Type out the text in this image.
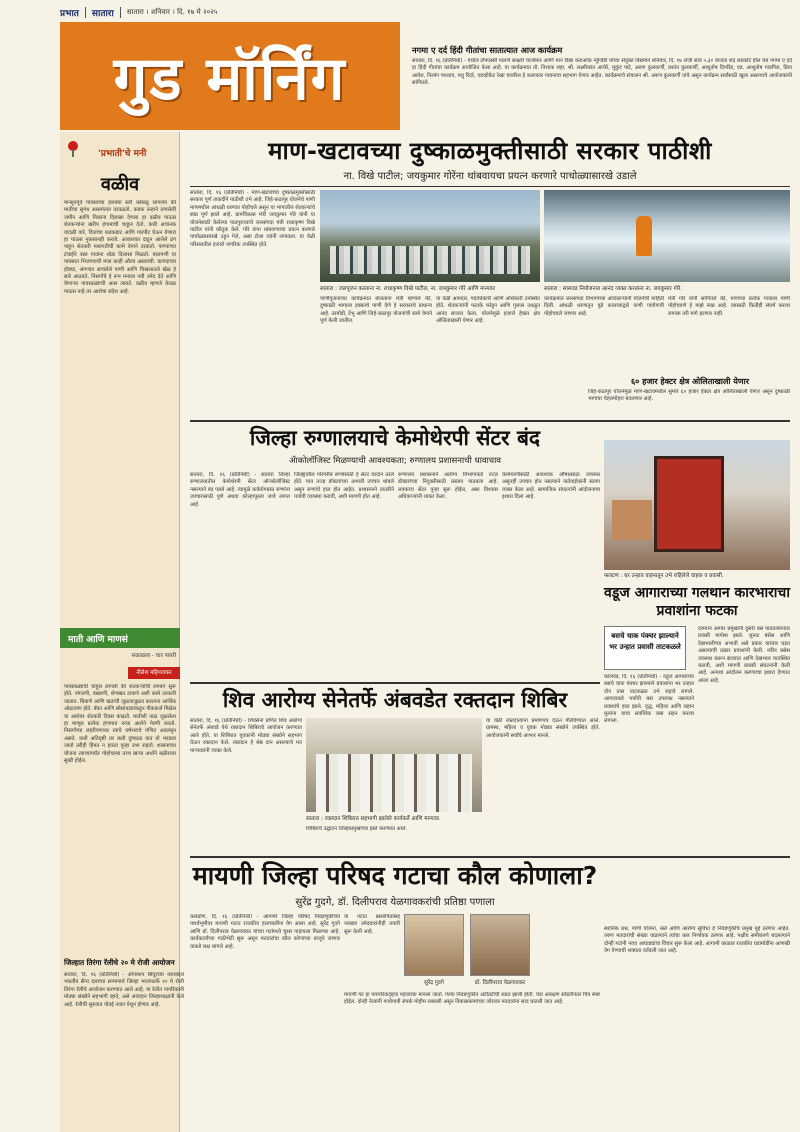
प्रभात सातारा सातारा । शनिवार । दि. १७ मे २०२५
गुड मॉर्निंग	नगमा ए दर्द हिंदी गीतांचा सातात्यात आज कार्यक्रम
सातारा, दि. १६ (प्रतिनिधी) - येथील टॉपएस्सी पालणे साक्षरी चालोमार आणि मान विद्या कराओके न्यूजिंडी यांच्या संयुक्त विद्यमाने शनिवार, दि. १७ रोजी सायं ५.३० वाजता शेंद्र लडकोटे हॉल येथे नगमा ए दर्द हा हिंदी गीतांचा कार्यक्रम आयोजित केला आहे. या कार्यक्रमात तो. निशाक शहा, श्री. लक्ष्मीकांत आचेरे, मुकुंद पाटे, अरुण कुलकर्णी, प्रशांत कुलकर्णी, आशुतोष दिपरिंड, एड. आशुतोष गाडगिल, प्रिया आवेश, निलांग पाध्याय, मधु रिंदरे, एडव्होकेट रेखा चावरिल हे कलाकार गायनाचा सहभाग घेणार आहेत. कार्यक्रमाचे संचालन श्री. अरुण कुलकर्णी यांचे असून कार्यक्रम सर्वांसाठी खुला असल्याचे आयोजकांनी सांगितले.
'प्रभाती'चे मनी
वळीव
मान्सूनपूर्व पावसाच्या हलक्या सरी कोसळू लागल्या की मातीचा सुगंध आसमंतात दरवळतो. कडक उन्हाने तापलेली जमीन आणि पिकांना दिलासा देणारा हा वळीव पाऊस शेतकऱ्यांना खरीप हंगामाची चाहूल देतो. कधी अचानक वादळी वारे, विजांचा कडकडाट आणि गारपीट घेऊन येणारा हा पाऊस नुकसानही करतो. आकाशात दाटून आलेले ढग पाहून शेतकरी मशागतीची कामे वेगाने उरकतो. पाण्याच्या टंचाईने त्रस्त गावांना थोडा दिलासा मिळतो. बालपणी या पावसात भिजण्याची मजा काही औरच असायची. कागदाच्या होड्या, अंगणात साचलेले पाणी आणि चिखलातले खेळ हे सारे आठवते. निसर्गाचे हे रूप मनाला नवी उमेद देते आणि येणाऱ्या पावसाळ्याची आस लावते. वळीव म्हणजे केवळ पाऊस नव्हे तर आशेचा संदेश आहे.
माती आणि माणसं
सकाळला - चार पायरी
नीलेश महिगावकर
पावसाळ्याची चाहूल लागली की शेतकऱ्यांची लगबग सुरू होते. नांगरणी, वखरणी, शेणखत टाकणे अशी कामे उरकली जातात. बियाणे आणि खतांची जुळवाजुळव करताना आर्थिक ओढाताण होते. बँका आणि सोसायट्यांकडून पीककर्ज मिळेल या आशेवर शेतकरी दिवस काढतो. मातीशी नाळ जुळलेला हा माणूस प्रत्येक हंगामात नव्या आशेने पेरणी करतो. निसर्गाच्या लहरीपणावर त्याचे वर्षभराचे गणित अवलंबून असते. कधी अतिवृष्टी तर कधी दुष्काळ यात तो भरडला जातो तरीही हिंमत न हारता पुन्हा उभा राहतो. शासनाच्या योजना त्याच्यापर्यंत पोहोचल्या तरच खऱ्या अर्थाने बळीराजा सुखी होईल.
माण-खटावच्या दुष्काळमुक्तीसाठी सरकार पाठीशी
ना. विखे पाटील; जयकुमार गोरेंना थांबवायचा प्रयत्न करणारे पाचोळ्यासारखे उडाले
सातारा, दि. १६ (प्रतिनिधी) - माण-खटावच्या दुष्काळमुक्तीसाठी सरकार पूर्ण ताकदीने पाठीशी उभे आहे. जिहे-कठापूर योजनेचे पाणी माणमधील आंधळी धरणात पोहोचले असून या भागातील शेतकऱ्यांचे स्वप्न पूर्ण झाले आहे. ग्रामविकास मंत्री जयकुमार गोरे यांनी या योजनेसाठी केलेल्या पाठपुराव्याचे जलसंपदा मंत्री राधाकृष्ण विखे पाटील यांनी कौतुक केले. गोरे यांना थांबवण्याचा प्रयत्न करणारे पाचोळ्यासारखे उडून गेले, असा टोला त्यांनी लगावला. या वेळी परिसरातील हजारो नागरिक उपस्थित होते.
सातारा : जलपूजन करताना ना. राधाकृष्ण विखे पाटील, ना. जयकुमार गोरे आणि मान्यवर	सातारा : सासवड नियोजनात आनंद व्यक्त करताना ना. जयकुमार गोरे.
पाणीपूजनाच्या कार्यक्रमात बोलताना मंत्री म्हणाले की, दुष्काळी भागाला हक्काचे पाणी देणे हे सरकारचे प्राधान्य आहे. उरमोडी, टेंभू आणि जिहे-कठापूर योजनांची कामे वेगाने पूर्ण केली जातील.
या वेळी आमदार, पदाधिकारी आणि अधिकारी उपस्थित होते. शेतकऱ्यांनी फटाके फोडून आणि गुलाल उधळून आनंद साजरा केला. योजनेमुळे हजारो हेक्टर क्षेत्र ओलिताखाली येणार आहे.
कार्यक्रमात जलसंपदा विभागाच्या अधिकाऱ्यांनी योजनेची माहिती दिली. आंधळी धरणातून पुढे कालव्याद्वारे पाणी गावोगावी पोहोचवले जाणार आहे.
मंत्री गोरे यांनी सांगितले की, माणच्या प्रत्येक गावाला पाणी पोहोचवणे हे माझे स्वप्न आहे. त्यासाठी कितीही संघर्ष करावा लागला तरी मागे हटणार नाही.
६० हजार हेक्टर क्षेत्र ओलिताखाली येणार
जिहे-कठापूर योजनेमुळे माण-खटावमधील सुमारे ६० हजार हेक्टर क्षेत्र ओलिताखाली येणार असून दुष्काळी भागाचा चेहरामोहरा बदलणार आहे.
जिल्हा रुग्णालयाचे केमोथेरपी सेंटर बंद
ॲाकोलॉजिस्ट मिळण्याची आवश्यकता; रुग्णालय प्रशासनाची धावाधाव
सातारा, दि. १६ (प्रतिनिधी) - सातारा जिल्हा रुग्णालयातील केमोथेरपी सेंटर ऑन्कोलॉजिस्ट नसल्याने बंद पडले आहे. त्यामुळे कर्करोगग्रस्त रुग्णांना उपचारासाठी पुणे अथवा कोल्हापूरला जावे लागत आहे.
जिल्ह्यातील गोरगरीब रुग्णांसाठी हे सेंटर वरदान ठरले होते. मात्र तज्ज्ञ डॉक्टरांच्या अभावी उपचार थांबले असून रुग्णांचे हाल होत आहेत. प्रशासनाने तातडीने पर्यायी व्यवस्था करावी, अशी मागणी होत आहे.
रुग्णालय प्रशासनाने आरोग्य विभागाकडे तज्ज्ञ डॉक्टरांच्या नियुक्तीसाठी प्रस्ताव पाठवला आहे. लवकरच सेंटर पुन्हा सुरू होईल, असा विश्वास अधिकाऱ्यांनी व्यक्त केला.
केमोथेरपीसाठी आवश्यक औषधसाठा उपलब्ध असूनही उपचार होत नसल्याने नातेवाईकांनी संताप व्यक्त केला आहे. सामाजिक संघटनांनी आंदोलनाचा इशारा दिला आहे.
फलटण : धर उन्हात वाहनातून उभे राहिलेले वाहक व प्रवासी.
वडूज आगाराच्या गलथान कारभाराचा प्रवाशांना फटका
बसचे चाक पंक्चर झाल्याने भर उन्हात प्रवासी ताटकळले
कोलवड, दि. १६ (प्रतिनिधी) - वडूज आगाराच्या बसचे चाक पंक्चर झाल्याने प्रवाशांना भर उन्हात दोन तास ताटकळत उभे राहावे लागले. आगाराकडे पर्यायी बस उपलब्ध नसल्याने प्रवाशांचे हाल झाले. वृद्ध, महिला आणि लहान मुलांना याचा सर्वाधिक त्रास सहन करावा लागला.
दरम्यान आगार प्रमुखांनी दुसरी बस पाठवल्यानंतर प्रवासी मार्गस्थ झाले. जुनाट बसेस आणि देखभालीच्या अभावी असे प्रकार वारंवार घडत असल्याची तक्रार प्रवाशांनी केली. नवीन बसेस उपलब्ध करून द्याव्यात आणि देखभाल व्यवस्थित करावी, अशी मागणी प्रवासी संघटनांनी केली आहे. अन्यथा आंदोलन करण्याचा इशारा देण्यात आला आहे.
शिव आरोग्य सेनेतर्फे अंबवडेत रक्तदान शिबिर
सातारा, दि. १६ (प्रतिनिधी) - शिवसेना प्रणित शिव आरोग्य सेनेतर्फे अंबवडे येथे रक्तदान शिबिराचे आयोजन करण्यात आले होते. या शिबिरात युवकांनी मोठ्या संख्येने सहभाग घेऊन रक्तदान केले. रक्तदान हे श्रेष्ठ दान असल्याचे मत मान्यवरांनी व्यक्त केले.
सातारा : रक्तदान शिबिरात सहभागी झालेले कार्यकर्ते आणि मान्यवर.
शिबिराचे उद्घाटन जिल्हाप्रमुखांच्या हस्ते करण्यात आले.
या वेळी रक्तदात्यांना प्रमाणपत्र देऊन गौरविण्यात आले. ग्रामस्थ, महिला व युवक मोठ्या संख्येने उपस्थित होते. आयोजकांनी सर्वांचे आभार मानले.
मायणी जिल्हा परिषद गटाचा कौल कोणाला?
सुरेंद्र गुदगे, डॉ. दिलीपराव येळगावकरांची प्रतिष्ठा पणाला
कलेढोण, दि. १६ (प्रतिनिधी) - आगामी जिल्हा परिषद निवडणुकीच्या पार्श्वभूमीवर मायणी गटात राजकीय हालचालींना वेग आला आहे. सुरेंद्र गुदगे आणि डॉ. दिलीपराव येळगावकर यांच्या गटांमध्ये चुरस पाहायला मिळणार आहे. कार्यकर्त्यांच्या गाठीभेटी सुरू असून मतदारांचा कौल कोणाच्या बाजूने जाणार याकडे लक्ष लागले आहे.
या गटात प्रस्थापितांसह नवख्या उमेदवारांनीही तयारी सुरू केली आहे.
सुरेंद्र गुदगे	डॉ. दिलीपराव येळगावकर
मायणी गट हा पारंपरिकदृष्ट्या महत्त्वाचा मानला जातो. गेल्या निवडणुकीत अटीतटीची लढत झाली होती. यंदा आरक्षण सोडतीनंतर चित्र स्पष्ट होईल. दोन्ही नेत्यांनी गावोगावी संपर्क मोहीम राबवली असून विकासकामांच्या जोरावर मतदारांना साद घातली जात आहे.
स्थानिक प्रश्न, पाणी योजना, रस्ते आणि आरोग्य सुविधा हे निवडणुकीचे प्रमुख मुद्दे ठरणार आहेत. तरुण मतदारांची संख्या वाढल्याने त्यांचा कल निर्णायक ठरणार आहे. पक्षीय समीकरणे बदलल्याने दोन्ही गटांनी नव्या आघाड्यांचा विचार सुरू केला आहे. आगामी काळात राजकीय घडामोडींना आणखी वेग येण्याची शक्यता वर्तवली जात आहे.
जिल्हात तिरंगा रॅलीचे २० मे रोजी आयोजन
सातारा, दि. १६ (प्रतिनिधी) - ऑपरेशन सिंदूरच्या यशाबद्दल भारतीय सैन्य दलाच्या सन्मानार्थ जिल्हा भाजपतर्फे २० मे रोजी तिरंगा रॅलीचे आयोजन करण्यात आले आहे. या रॅलीत नागरिकांनी मोठ्या संख्येने सहभागी व्हावे, असे आवाहन जिल्हाध्यक्षांनी केले आहे. रॅलीची सुरुवात पोवई नाका येथून होणार आहे.
